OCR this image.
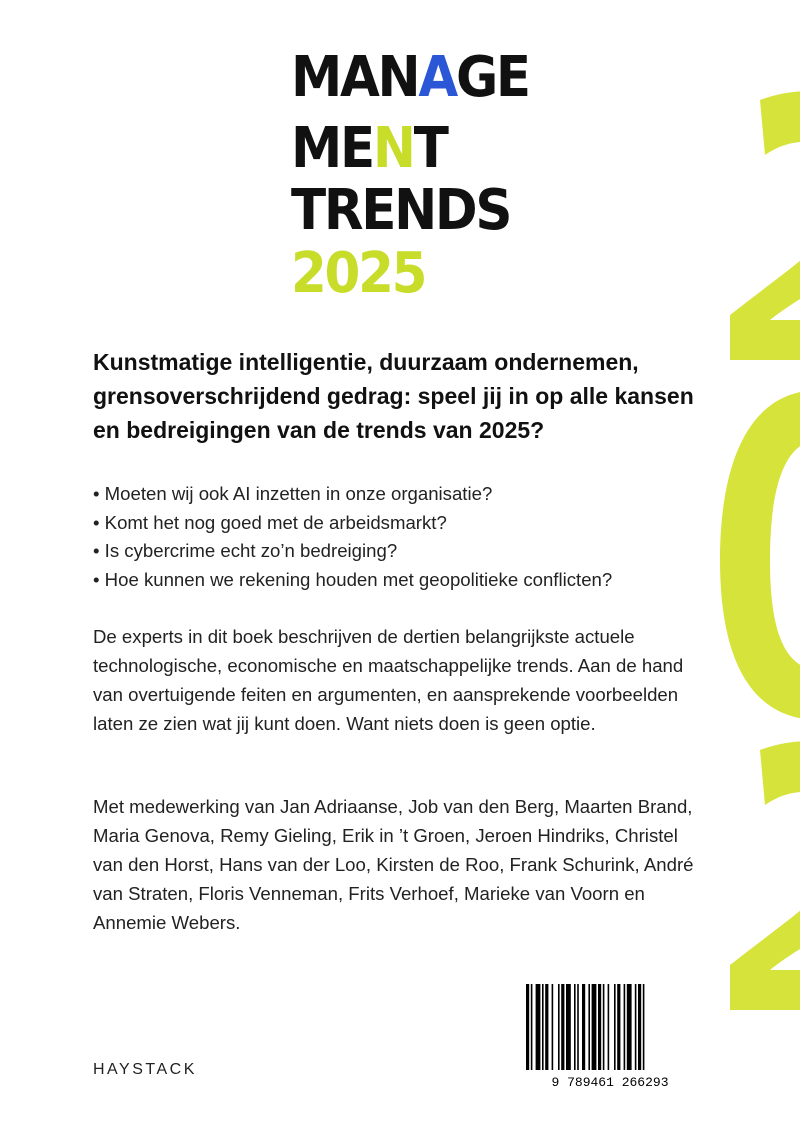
MANAGE
MENT
TRENDS
2025

Kunstmatige intelligentie, duurzaam ondernemen, grensoverschrijdend gedrag: speel jij in op alle kansen en bedreigingen van de trends van 2025?

• Moeten wij ook AI inzetten in onze organisatie?
• Komt het nog goed met de arbeidsmarkt?
• Is cybercrime echt zo’n bedreiging?
• Hoe kunnen we rekening houden met geopolitieke conflicten?

De experts in dit boek beschrijven de dertien belangrijkste actuele technologische, economische en maatschappelijke trends. Aan de hand van overtuigende feiten en argumenten, en aansprekende voorbeelden laten ze zien wat jij kunt doen. Want niets doen is geen optie.

Met medewerking van Jan Adriaanse, Job van den Berg, Maarten Brand, Maria Genova, Remy Gieling, Erik in ’t Groen, Jeroen Hindriks, Christel van den Horst, Hans van der Loo, Kirsten de Roo, Frank Schurink, André van Straten, Floris Venneman, Frits Verhoef, Marieke van Voorn en Annemie Webers.

HAYSTACK

9 789461 266293
